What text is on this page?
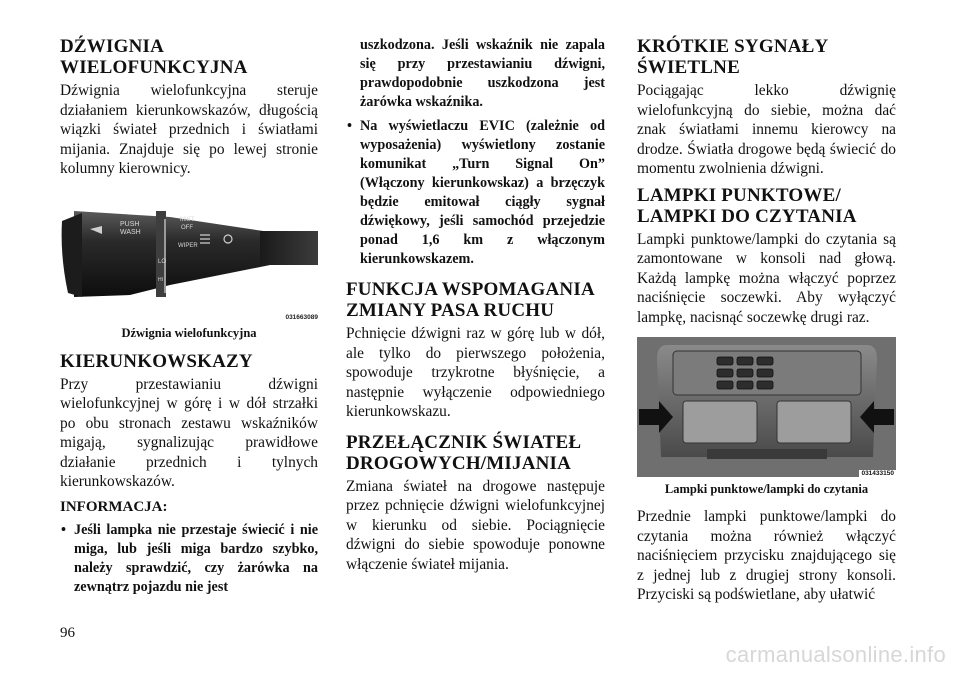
DŹWIGNIA WIELOFUNKCYJNA

Dźwignia wielofunkcyjna steruje działaniem kierunkowskazów, długością wiązki świateł przednich i światłami mijania. Znajduje się po lewej stronie kolumny kierownicy.

PUSH
WASH
MIST
OFF
WIPER
LO
HI
031663089
Dźwignia wielofunkcyjna
KIERUNKOWSKAZY

Przy przestawianiu dźwigni wielofunkcyjnej w górę i w dół strzałki po obu stronach zestawu wskaźników migają, sygnalizując prawidłowe działanie przednich i tylnych kierunkowskazów.

INFORMACJA:
• Jeśli lampka nie przestaje świecić i nie miga, lub jeśli miga bardzo szybko, należy sprawdzić, czy żarówka na zewnątrz pojazdu nie jest
uszkodzona. Jeśli wskaźnik nie zapala się przy przestawianiu dźwigni, prawdopodobnie uszkodzona jest żarówka wskaźnika.
• Na wyświetlaczu EVIC (zależnie od wyposażenia) wyświetlony zostanie komunikat „Turn Signal On” (Włączony kierunkowskaz) a brzęczyk będzie emitował ciągły sygnał dźwiękowy, jeśli samochód przejedzie ponad 1,6 km z włączonym kierunkowskazem.
FUNKCJA WSPOMAGANIA ZMIANY PASA RUCHU

Pchnięcie dźwigni raz w górę lub w dół, ale tylko do pierwszego położenia, spowoduje trzykrotne błyśnięcie, a następnie wyłączenie odpowiedniego kierunkowskazu.

PRZEŁĄCZNIK ŚWIATEŁ DROGOWYCH/MIJANIA

Zmiana świateł na drogowe następuje przez pchnięcie dźwigni wielofunkcyjnej w kierunku od siebie. Pociągnięcie dźwigni do siebie spowoduje ponowne włączenie świateł mijania.

KRÓTKIE SYGNAŁY ŚWIETLNE

Pociągając lekko dźwignię wielofunkcyjną do siebie, można dać znak światłami innemu kierowcy na drodze. Światła drogowe będą świecić do momentu zwolnienia dźwigni.

LAMPKI PUNKTOWE/ LAMPKI DO CZYTANIA

Lampki punktowe/lampki do czytania są zamontowane w konsoli nad głową. Każdą lampkę można włączyć poprzez naciśnięcie soczewki. Aby wyłączyć lampkę, nacisnąć soczewkę drugi raz.

031433150
Lampki punktowe/lampki do czytania

Przednie lampki punktowe/lampki do czytania można również włączyć naciśnięciem przycisku znajdującego się z jednej lub z drugiej strony konsoli. Przyciski są podświetlane, aby ułatwić

96
carmanualsonline.info
